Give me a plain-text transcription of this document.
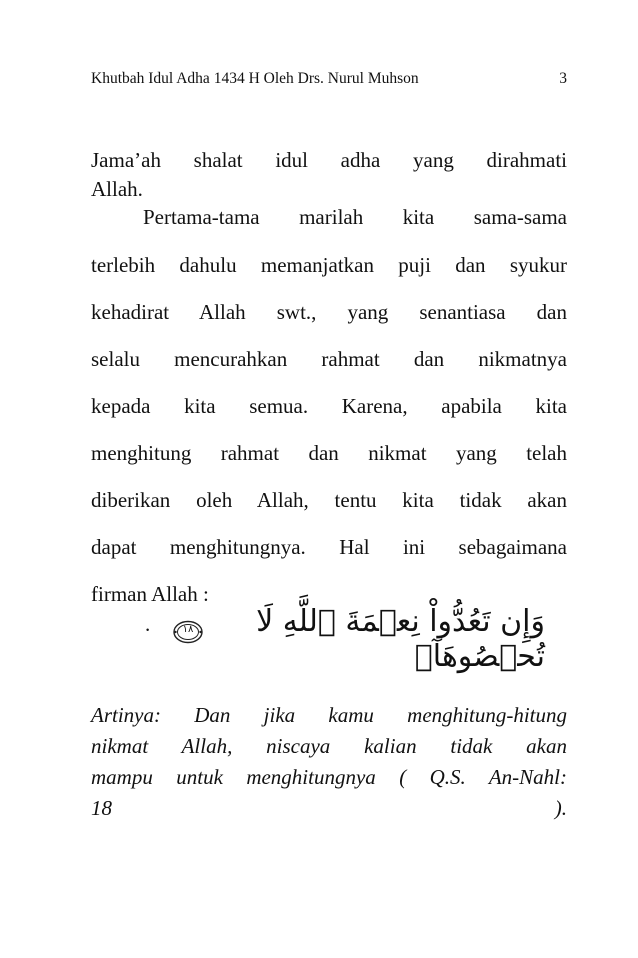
Khutbah Idul Adha 1434 H Oleh Drs. Nurul Muhson	3
Jama’ah shalat idul adha yang dirahmati
Allah.
Pertama-tama marilah kita sama-sama
terlebih dahulu memanjatkan puji dan syukur
kehadirat Allah swt., yang senantiasa dan
selalu mencurahkan rahmat dan nikmatnya
kepada kita semua. Karena, apabila kita
menghitung rahmat dan nikmat yang telah
diberikan oleh Allah, tentu kita tidak akan
dapat menghitungnya. Hal ini sebagaimana
firman Allah :
.	١٨	وَإِن تَعُدُّواْ نِعۡمَةَ ٱللَّهِ لَا تُحۡصُوهَآۗ
Artinya: Dan jika kamu menghitung-hitung
nikmat Allah, niscaya kalian tidak akan
mampu untuk menghitungnya ( Q.S. An-Nahl:
18 ).
